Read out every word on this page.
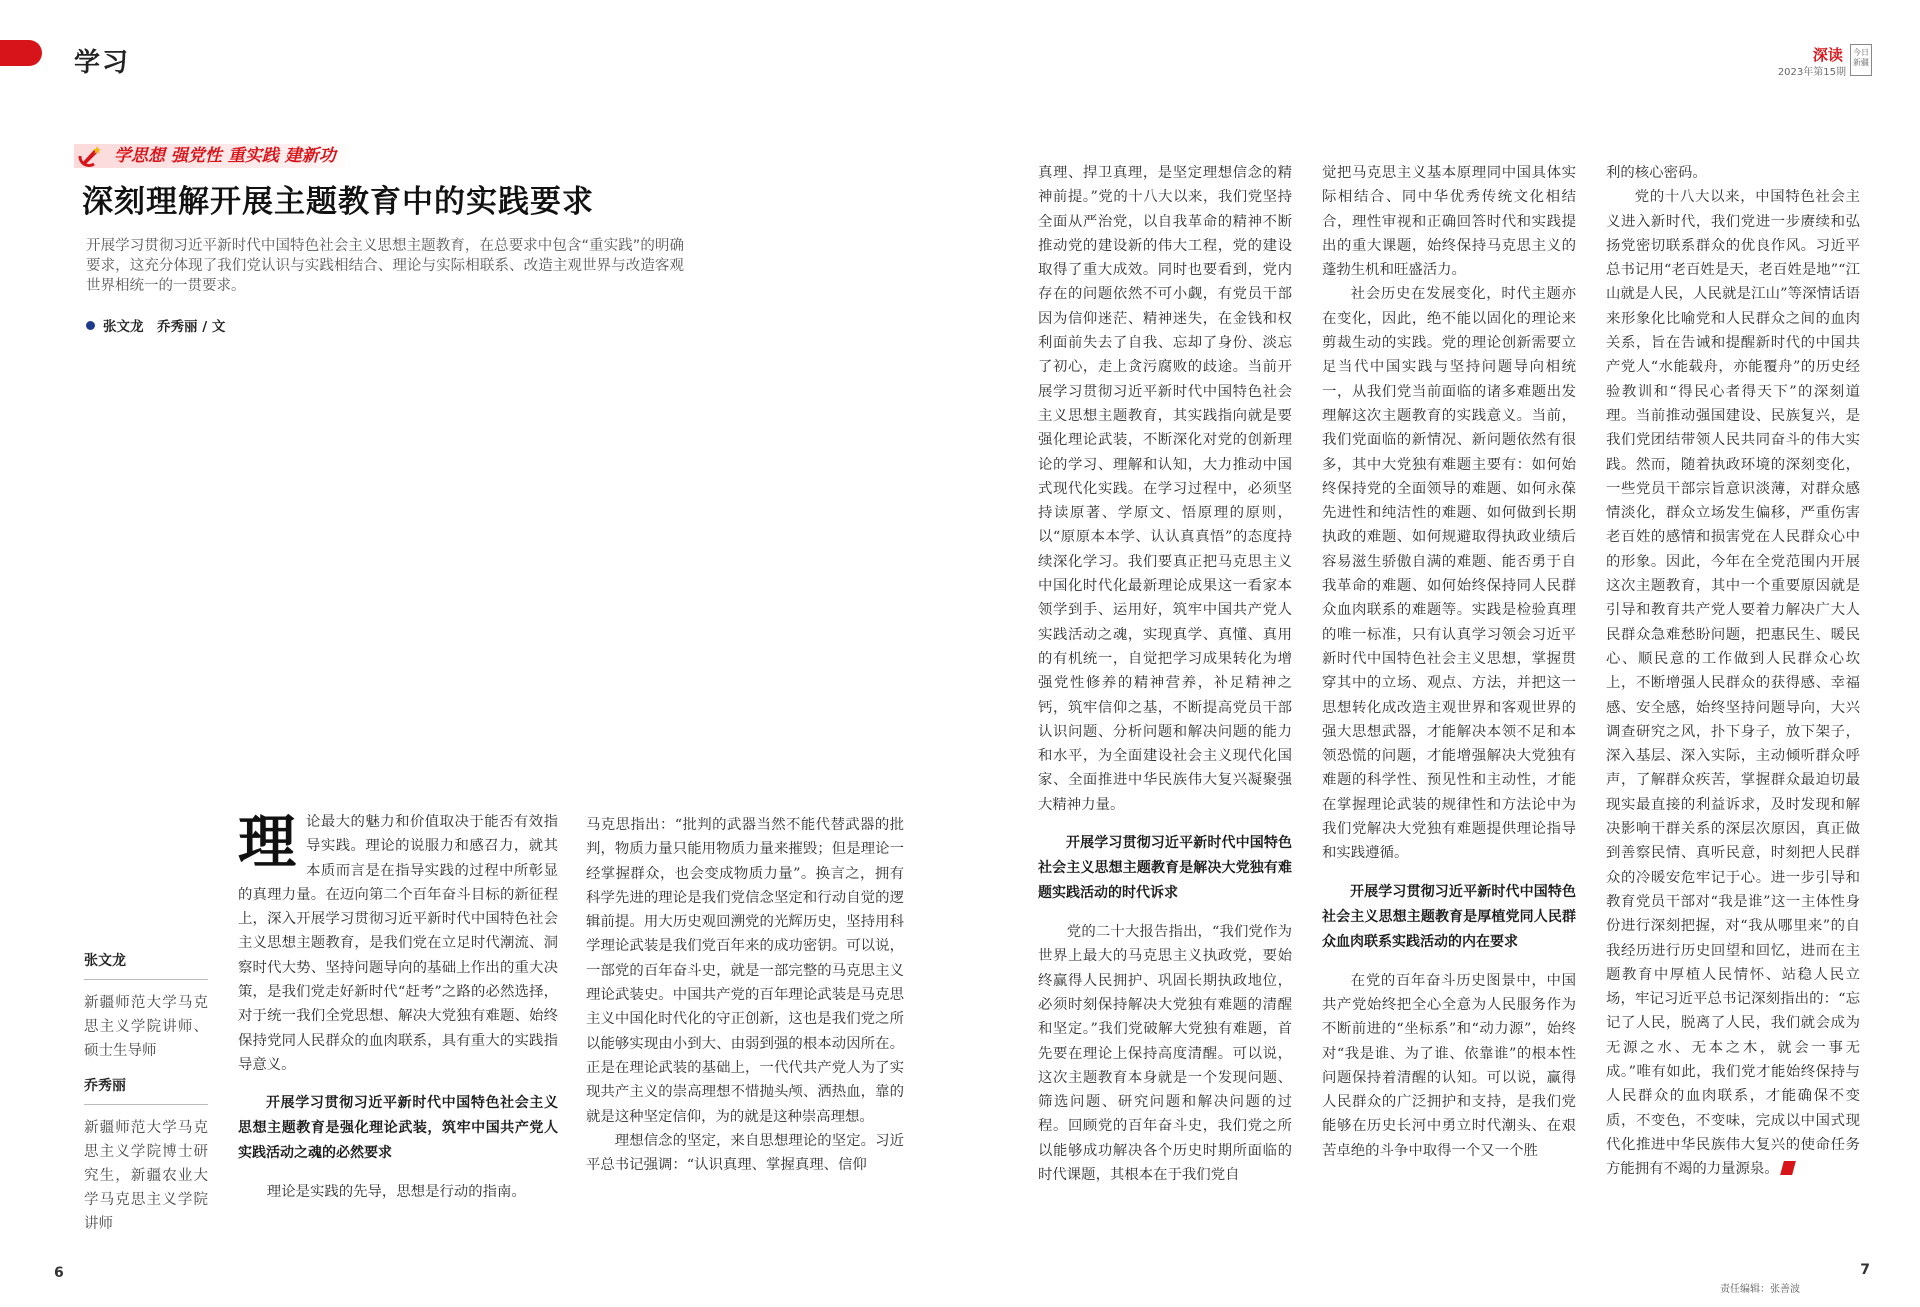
学习	深读 今日新疆
2023年第15期
学思想 强党性 重实践 建新功
深刻理解开展主题教育中的实践要求
开展学习贯彻习近平新时代中国特色社会主义思想主题教育，在总要求中包含“重实践”的明确要求，这充分体现了我们党认识与实践相结合、理论与实际相联系、改造主观世界与改造客观世界相统一的一贯要求。
张文龙　乔秀丽 / 文
张文龙
新疆师范大学马克思主义学院讲师、硕士生导师
乔秀丽
新疆师范大学马克思主义学院博士研究生，新疆农业大学马克思主义学院讲师

理论最大的魅力和价值取决于能否有效指导实践。理论的说服力和感召力，就其本质而言是在指导实践的过程中所彰显的真理力量。在迈向第二个百年奋斗目标的新征程上，深入开展学习贯彻习近平新时代中国特色社会主义思想主题教育，是我们党在立足时代潮流、洞察时代大势、坚持问题导向的基础上作出的重大决策，是我们党走好新时代“赶考”之路的必然选择，对于统一我们全党思想、解决大党独有难题、始终保持党同人民群众的血肉联系，具有重大的实践指导意义。

开展学习贯彻习近平新时代中国特色社会主义思想主题教育是强化理论武装，筑牢中国共产党人实践活动之魂的必然要求

理论是实践的先导，思想是行动的指南。

马克思指出：“批判的武器当然不能代替武器的批判，物质力量只能用物质力量来摧毁；但是理论一经掌握群众，也会变成物质力量”。换言之，拥有科学先进的理论是我们党信念坚定和行动自觉的逻辑前提。用大历史观回溯党的光辉历史，坚持用科学理论武装是我们党百年来的成功密钥。可以说，一部党的百年奋斗史，就是一部完整的马克思主义理论武装史。中国共产党的百年理论武装是马克思主义中国化时代化的守正创新，这也是我们党之所以能够实现由小到大、由弱到强的根本动因所在。正是在理论武装的基础上，一代代共产党人为了实现共产主义的崇高理想不惜抛头颅、洒热血，靠的就是这种坚定信仰，为的就是这种崇高理想。

理想信念的坚定，来自思想理论的坚定。习近平总书记强调：“认识真理、掌握真理、信仰

真理、捍卫真理，是坚定理想信念的精神前提。”党的十八大以来，我们党坚持全面从严治党，以自我革命的精神不断推动党的建设新的伟大工程，党的建设取得了重大成效。同时也要看到，党内存在的问题依然不可小觑，有党员干部因为信仰迷茫、精神迷失，在金钱和权利面前失去了自我、忘却了身份、淡忘了初心，走上贪污腐败的歧途。当前开展学习贯彻习近平新时代中国特色社会主义思想主题教育，其实践指向就是要强化理论武装，不断深化对党的创新理论的学习、理解和认知，大力推动中国式现代化实践。在学习过程中，必须坚持读原著、学原文、悟原理的原则，以“原原本本学、认认真真悟”的态度持续深化学习。我们要真正把马克思主义中国化时代化最新理论成果这一看家本领学到手、运用好，筑牢中国共产党人实践活动之魂，实现真学、真懂、真用的有机统一，自觉把学习成果转化为增强党性修养的精神营养，补足精神之钙，筑牢信仰之基，不断提高党员干部认识问题、分析问题和解决问题的能力和水平，为全面建设社会主义现代化国家、全面推进中华民族伟大复兴凝聚强大精神力量。

开展学习贯彻习近平新时代中国特色社会主义思想主题教育是解决大党独有难题实践活动的时代诉求

党的二十大报告指出，“我们党作为世界上最大的马克思主义执政党，要始终赢得人民拥护、巩固长期执政地位，必须时刻保持解决大党独有难题的清醒和坚定。”我们党破解大党独有难题，首先要在理论上保持高度清醒。可以说，这次主题教育本身就是一个发现问题、筛选问题、研究问题和解决问题的过程。回顾党的百年奋斗史，我们党之所以能够成功解决各个历史时期所面临的时代课题，其根本在于我们党自

觉把马克思主义基本原理同中国具体实际相结合、同中华优秀传统文化相结合，理性审视和正确回答时代和实践提出的重大课题，始终保持马克思主义的蓬勃生机和旺盛活力。

社会历史在发展变化，时代主题亦在变化，因此，绝不能以固化的理论来剪裁生动的实践。党的理论创新需要立足当代中国实践与坚持问题导向相统一，从我们党当前面临的诸多难题出发理解这次主题教育的实践意义。当前，我们党面临的新情况、新问题依然有很多，其中大党独有难题主要有：如何始终保持党的全面领导的难题、如何永葆先进性和纯洁性的难题、如何做到长期执政的难题、如何规避取得执政业绩后容易滋生骄傲自满的难题、能否勇于自我革命的难题、如何始终保持同人民群众血肉联系的难题等。实践是检验真理的唯一标准，只有认真学习领会习近平新时代中国特色社会主义思想，掌握贯穿其中的立场、观点、方法，并把这一思想转化成改造主观世界和客观世界的强大思想武器，才能解决本领不足和本领恐慌的问题，才能增强解决大党独有难题的科学性、预见性和主动性，才能在掌握理论武装的规律性和方法论中为我们党解决大党独有难题提供理论指导和实践遵循。

开展学习贯彻习近平新时代中国特色社会主义思想主题教育是厚植党同人民群众血肉联系实践活动的内在要求

在党的百年奋斗历史图景中，中国共产党始终把全心全意为人民服务作为不断前进的“坐标系”和“动力源”，始终对“我是谁、为了谁、依靠谁”的根本性问题保持着清醒的认知。可以说，赢得人民群众的广泛拥护和支持，是我们党能够在历史长河中勇立时代潮头、在艰苦卓绝的斗争中取得一个又一个胜

利的核心密码。

党的十八大以来，中国特色社会主义进入新时代，我们党进一步赓续和弘扬党密切联系群众的优良作风。习近平总书记用“老百姓是天，老百姓是地”“江山就是人民，人民就是江山”等深情话语来形象化比喻党和人民群众之间的血肉关系，旨在告诫和提醒新时代的中国共产党人“水能载舟，亦能覆舟”的历史经验教训和“得民心者得天下”的深刻道理。当前推动强国建设、民族复兴，是我们党团结带领人民共同奋斗的伟大实践。然而，随着执政环境的深刻变化，一些党员干部宗旨意识淡薄，对群众感情淡化，群众立场发生偏移，严重伤害老百姓的感情和损害党在人民群众心中的形象。因此，今年在全党范围内开展这次主题教育，其中一个重要原因就是引导和教育共产党人要着力解决广大人民群众急难愁盼问题，把惠民生、暖民心、顺民意的工作做到人民群众心坎上，不断增强人民群众的获得感、幸福感、安全感，始终坚持问题导向，大兴调查研究之风，扑下身子，放下架子，深入基层、深入实际，主动倾听群众呼声，了解群众疾苦，掌握群众最迫切最现实最直接的利益诉求，及时发现和解决影响干群关系的深层次原因，真正做到善察民情、真听民意，时刻把人民群众的冷暖安危牢记于心。进一步引导和教育党员干部对“我是谁”这一主体性身份进行深刻把握，对“我从哪里来”的自我经历进行历史回望和回忆，进而在主题教育中厚植人民情怀、站稳人民立场，牢记习近平总书记深刻指出的：“忘记了人民，脱离了人民，我们就会成为无源之水、无本之木，就会一事无成。”唯有如此，我们党才能始终保持与人民群众的血肉联系，才能确保不变质，不变色，不变味，完成以中国式现代化推进中华民族伟大复兴的使命任务方能拥有不竭的力量源泉。

6	7
责任编辑：张善波
